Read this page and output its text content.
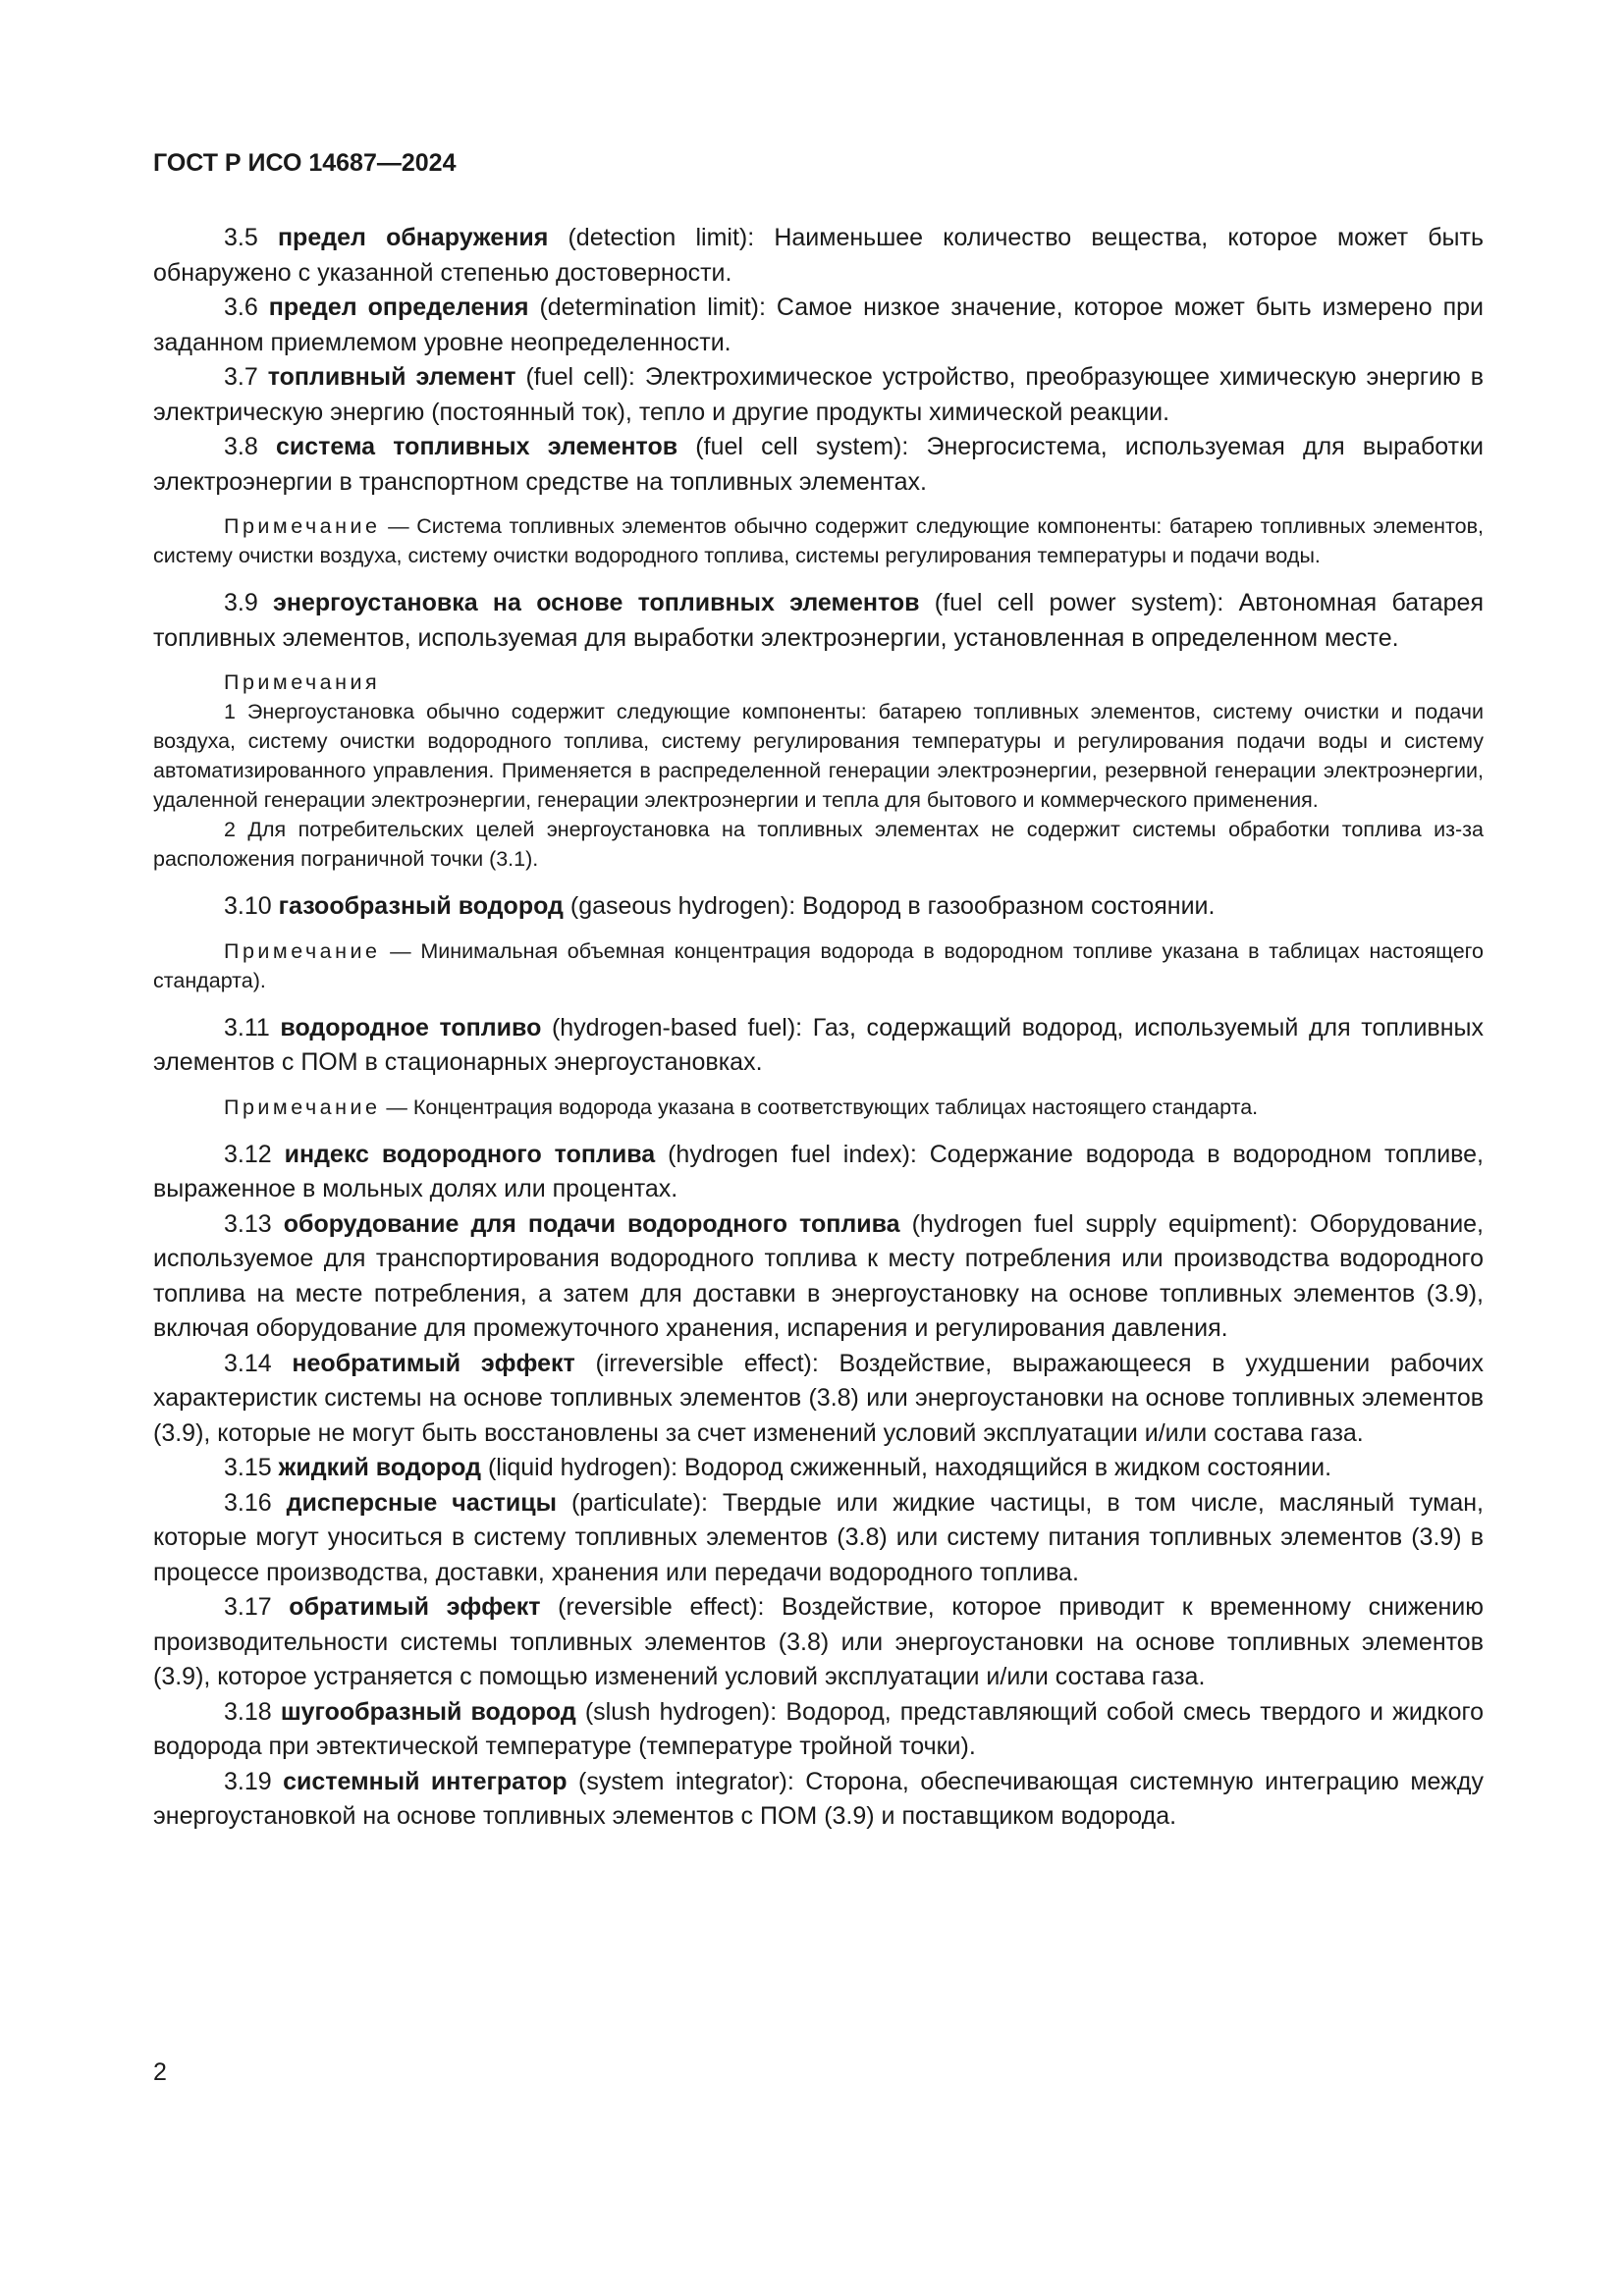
ГОСТ Р ИСО 14687—2024

3.5 предел обнаружения (detection limit): Наименьшее количество вещества, которое может быть обнаружено с указанной степенью достоверности.

3.6 предел определения (determination limit): Самое низкое значение, которое может быть измерено при заданном приемлемом уровне неопределенности.

3.7 топливный элемент (fuel cell): Электрохимическое устройство, преобразующее химическую энергию в электрическую энергию (постоянный ток), тепло и другие продукты химической реакции.

3.8 система топливных элементов (fuel cell system): Энергосистема, используемая для выработки электроэнергии в транспортном средстве на топливных элементах.

Примечание — Система топливных элементов обычно содержит следующие компоненты: батарею топливных элементов, систему очистки воздуха, систему очистки водородного топлива, системы регулирования температуры и подачи воды.

3.9 энергоустановка на основе топливных элементов (fuel cell power system): Автономная батарея топливных элементов, используемая для выработки электроэнергии, установленная в определенном месте.

Примечания

1 Энергоустановка обычно содержит следующие компоненты: батарею топливных элементов, систему очистки и подачи воздуха, систему очистки водородного топлива, систему регулирования температуры и регулирования подачи воды и систему автоматизированного управления. Применяется в распределенной генерации электроэнергии, резервной генерации электроэнергии, удаленной генерации электроэнергии, генерации электроэнергии и тепла для бытового и коммерческого применения.

2 Для потребительских целей энергоустановка на топливных элементах не содержит системы обработки топлива из-за расположения пограничной точки (3.1).

3.10 газообразный водород (gaseous hydrogen): Водород в газообразном состоянии.

Примечание — Минимальная объемная концентрация водорода в водородном топливе указана в таблицах настоящего стандарта).

3.11 водородное топливо (hydrogen-based fuel): Газ, содержащий водород, используемый для топливных элементов с ПОМ в стационарных энергоустановках.

Примечание — Концентрация водорода указана в соответствующих таблицах настоящего стандарта.

3.12 индекс водородного топлива (hydrogen fuel index): Содержание водорода в водородном топливе, выраженное в мольных долях или процентах.

3.13 оборудование для подачи водородного топлива (hydrogen fuel supply equipment): Оборудование, используемое для транспортирования водородного топлива к месту потребления или производства водородного топлива на месте потребления, а затем для доставки в энергоустановку на основе топливных элементов (3.9), включая оборудование для промежуточного хранения, испарения и регулирования давления.

3.14 необратимый эффект (irreversible effect): Воздействие, выражающееся в ухудшении рабочих характеристик системы на основе топливных элементов (3.8) или энергоустановки на основе топливных элементов (3.9), которые не могут быть восстановлены за счет изменений условий эксплуатации и/или состава газа.

3.15 жидкий водород (liquid hydrogen): Водород сжиженный, находящийся в жидком состоянии.

3.16 дисперсные частицы (particulate): Твердые или жидкие частицы, в том числе, масляный туман, которые могут уноситься в систему топливных элементов (3.8) или систему питания топливных элементов (3.9) в процессе производства, доставки, хранения или передачи водородного топлива.

3.17 обратимый эффект (reversible effect): Воздействие, которое приводит к временному снижению производительности системы топливных элементов (3.8) или энергоустановки на основе топливных элементов (3.9), которое устраняется с помощью изменений условий эксплуатации и/или состава газа.

3.18 шугообразный водород (slush hydrogen): Водород, представляющий собой смесь твердого и жидкого водорода при эвтектической температуре (температуре тройной точки).

3.19 системный интегратор (system integrator): Сторона, обеспечивающая системную интеграцию между энергоустановкой на основе топливных элементов с ПОМ (3.9) и поставщиком водорода.

2
